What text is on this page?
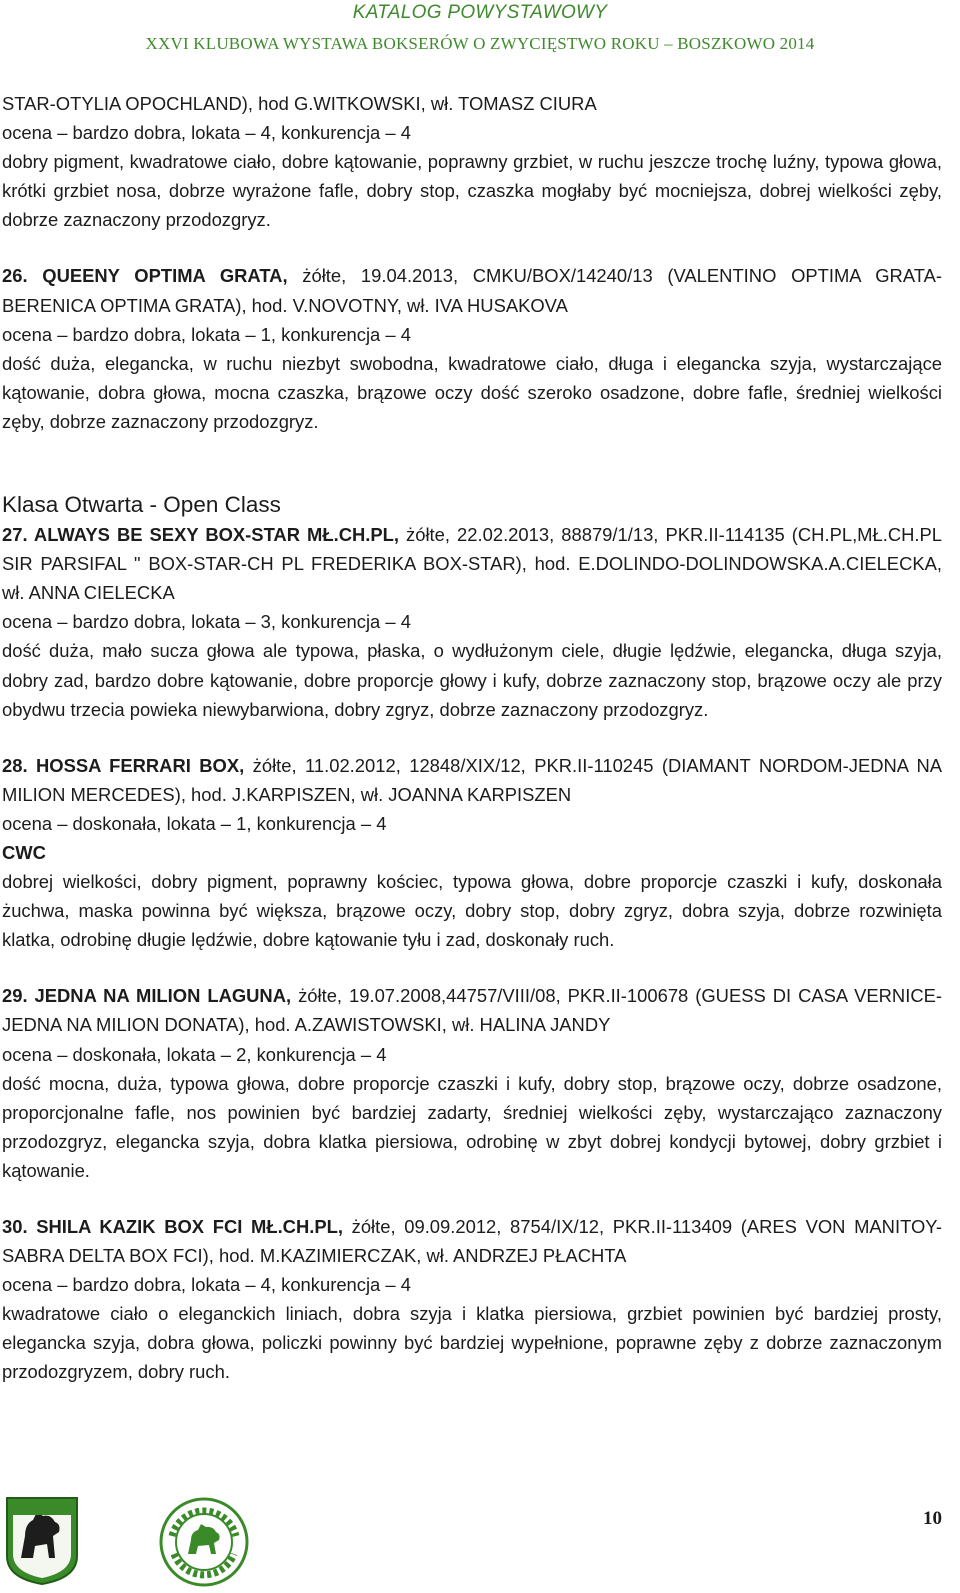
KATALOG POWYSTAWOWY
XXVI KLUBOWA WYSTAWA BOKSERÓW O ZWYCIĘSTWO ROKU – BOSZKOWO 2014

STAR-OTYLIA OPOCHLAND), hod G.WITKOWSKI, wł. TOMASZ CIURA

ocena – bardzo dobra, lokata – 4, konkurencja – 4

dobry pigment, kwadratowe ciało, dobre kątowanie, poprawny grzbiet, w ruchu jeszcze trochę luźny, typowa głowa, krótki grzbiet nosa, dobrze wyrażone fafle, dobry stop, czaszka mogłaby być mocniejsza, dobrej wielkości zęby, dobrze zaznaczony przodozgryz.

26. QUEENY OPTIMA GRATA, żółte, 19.04.2013, CMKU/BOX/14240/13 (VALENTINO OPTIMA GRATA-BERENICA OPTIMA GRATA), hod. V.NOVOTNY, wł. IVA HUSAKOVA

ocena – bardzo dobra, lokata – 1, konkurencja – 4

dość duża, elegancka, w ruchu niezbyt swobodna, kwadratowe ciało, długa i elegancka szyja, wystarczające kątowanie, dobra głowa, mocna czaszka, brązowe oczy dość szeroko osadzone, dobre fafle, średniej wielkości zęby, dobrze zaznaczony przodozgryz.

Klasa Otwarta - Open Class

27. ALWAYS BE SEXY BOX-STAR MŁ.CH.PL, żółte, 22.02.2013, 88879/1/13, PKR.II-114135 (CH.PL,MŁ.CH.PL SIR PARSIFAL " BOX-STAR-CH PL FREDERIKA BOX-STAR), hod. E.DOLINDO-DOLINDOWSKA.A.CIELECKA, wł. ANNA CIELECKA

ocena – bardzo dobra, lokata – 3, konkurencja – 4

dość duża, mało sucza głowa ale typowa, płaska, o wydłużonym ciele, długie lędźwie, elegancka, długa szyja, dobry zad, bardzo dobre kątowanie, dobre proporcje głowy i kufy, dobrze zaznaczony stop, brązowe oczy ale przy obydwu trzecia powieka niewybarwiona, dobry zgryz, dobrze zaznaczony przodozgryz.

28. HOSSA FERRARI BOX, żółte, 11.02.2012, 12848/XIX/12, PKR.II-110245 (DIAMANT NORDOM-JEDNA NA MILION MERCEDES), hod. J.KARPISZEN, wł. JOANNA KARPISZEN

ocena – doskonała, lokata – 1, konkurencja – 4

CWC

dobrej wielkości, dobry pigment, poprawny kościec, typowa głowa, dobre proporcje czaszki i kufy, doskonała żuchwa, maska powinna być większa, brązowe oczy, dobry stop, dobry zgryz, dobra szyja, dobrze rozwinięta klatka, odrobinę długie lędźwie, dobre kątowanie tyłu i zad, doskonały ruch.

29. JEDNA NA MILION LAGUNA, żółte, 19.07.2008,44757/VIII/08, PKR.II-100678 (GUESS DI CASA VERNICE-JEDNA NA MILION DONATA), hod. A.ZAWISTOWSKI, wł. HALINA JANDY

ocena – doskonała, lokata – 2, konkurencja – 4

dość mocna, duża, typowa głowa, dobre proporcje czaszki i kufy, dobry stop, brązowe oczy, dobrze osadzone, proporcjonalne fafle, nos powinien być bardziej zadarty, średniej wielkości zęby, wystarczająco zaznaczony przodozgryz, elegancka szyja, dobra klatka piersiowa, odrobinę w zbyt dobrej kondycji bytowej, dobry grzbiet i kątowanie.

30. SHILA KAZIK BOX FCI MŁ.CH.PL, żółte, 09.09.2012, 8754/IX/12, PKR.II-113409 (ARES VON MANITOY-SABRA DELTA BOX FCI), hod. M.KAZIMIERCZAK, wł. ANDRZEJ PŁACHTA

ocena – bardzo dobra, lokata – 4, konkurencja – 4

kwadratowe ciało o eleganckich liniach, dobra szyja i klatka piersiowa, grzbiet powinien być bardziej prosty, elegancka szyja, dobra głowa, policzki powinny być bardziej wypełnione, poprawne zęby z dobrze zaznaczonym przodozgryzem, dobry ruch.

10
